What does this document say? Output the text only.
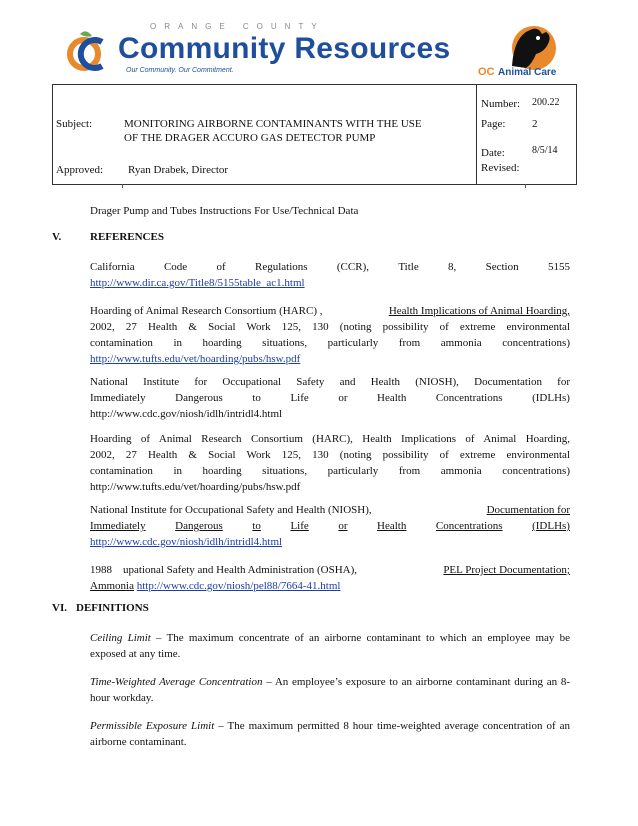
ORANGE COUNTY
Community Resources
Our Community. Our Commitment.	OC Animal Care
Subject:	MONITORING AIRBORNE CONTAMINANTS WITH THE USE
OF THE DRAGER ACCURO GAS DETECTOR PUMP
Approved: Ryan Drabek, Director
Number: 200.22
Page: 2
Date:	8/5/14
Revised:
Drager Pump and Tubes Instructions For Use/Technical Data
V.	REFERENCES
California	Code	of	Regulations	(CCR),	Title	8,	Section	5155
http://www.dir.ca.gov/Title8/5155table_ac1.html
Hoarding of Animal Research Consortium (HARC) ,	Health Implications of Animal Hoarding,
2002, 27 Health & Social Work 125, 130 (noting possibility of extreme environmental
contamination in hoarding situations, particularly from ammonia concentrations)
http://www.tufts.edu/vet/hoarding/pubs/hsw.pdf
National Institute for Occupational Safety and Health (NIOSH), Documentation for
Immediately	Dangerous	to	Life	or	Health	Concentrations	(IDLHs)
http://www.cdc.gov/niosh/idlh/intridl4.html
Hoarding of Animal Research Consortium (HARC), Health Implications of Animal Hoarding,
2002, 27 Health & Social Work 125, 130 (noting possibility of extreme environmental
contamination in hoarding situations, particularly from ammonia concentrations)
http://www.tufts.edu/vet/hoarding/pubs/hsw.pdf
National Institute for Occupational Safety and Health (NIOSH),	Documentation for
Immediately	Dangerous	to	Life	or	Health	Concentrations	(IDLHs)
http://www.cdc.gov/niosh/idlh/intridl4.html
1988    upational Safety and Health Administration (OSHA),	PEL Project Documentation;
Ammonia http://www.cdc.gov/niosh/pel88/7664-41.html
VI. DEFINITIONS
Ceiling Limit – The maximum concentrate of an airborne contaminant to which an employee may be exposed at any time.
Time-Weighted Average Concentration – An employee’s exposure to an airborne contaminant during an 8-hour workday.
Permissible Exposure Limit – The maximum permitted 8 hour time-weighted average concentration of an airborne contaminant.
